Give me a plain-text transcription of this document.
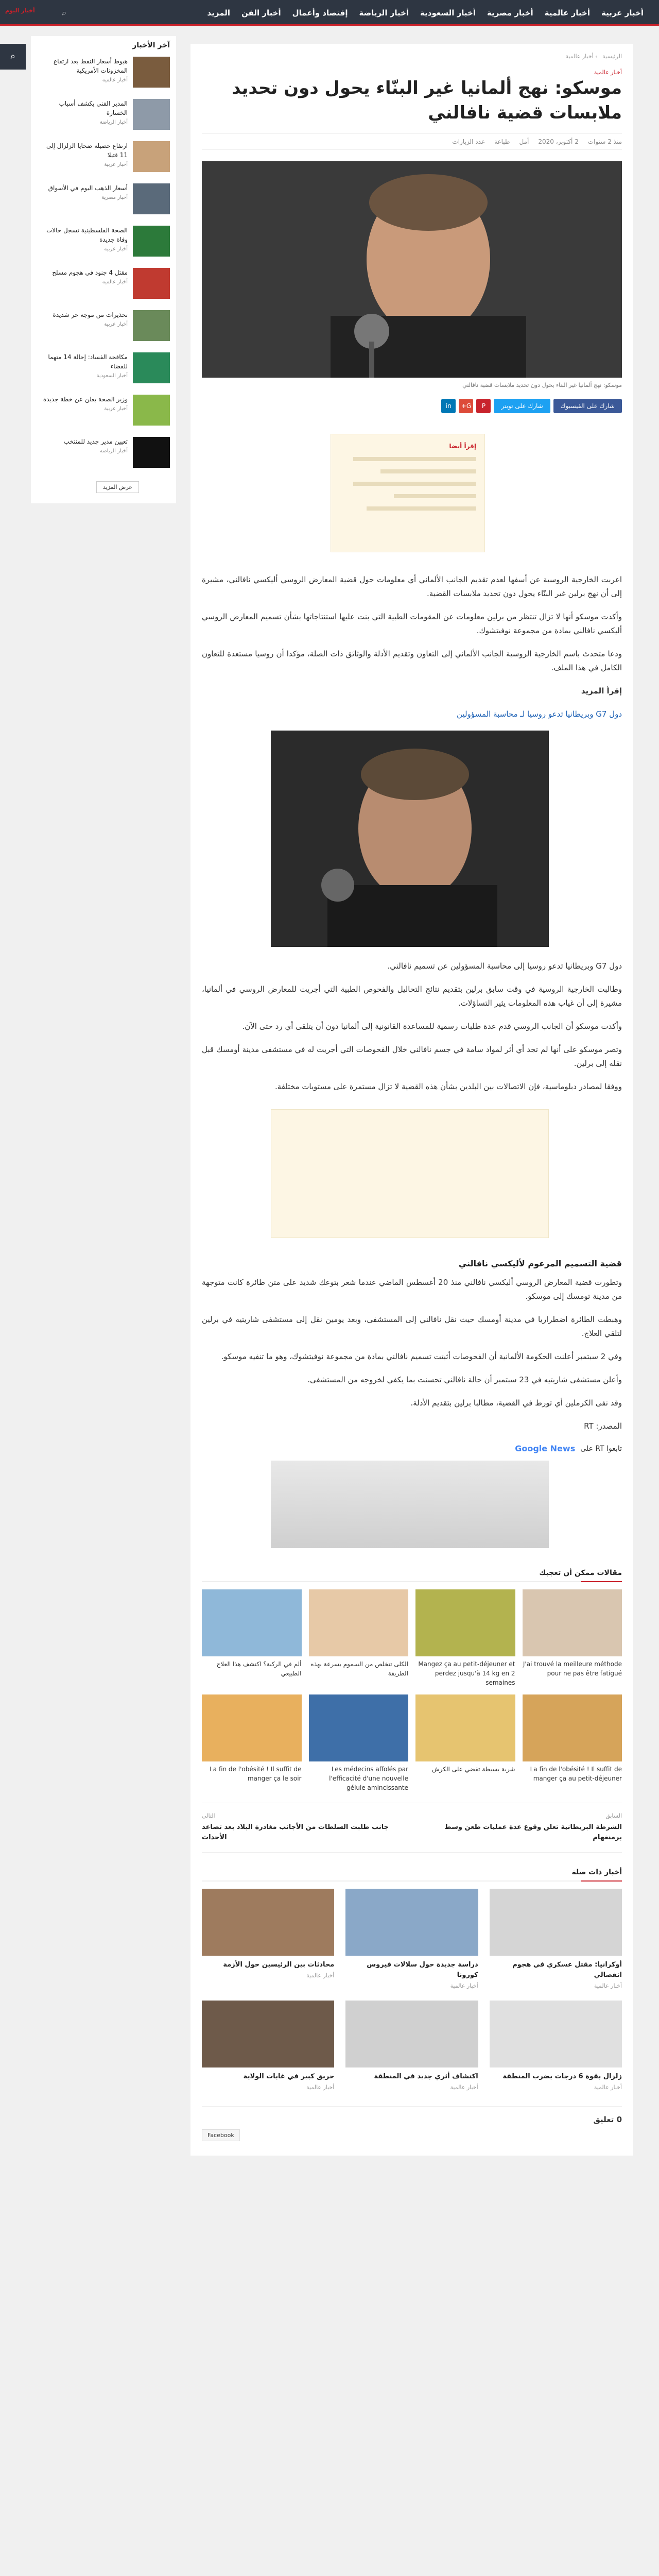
أخبار اليوم	⌕	أخبار عربية
أخبار عالمية
أخبار مصرية
أخبار السعودية
أخبار الرياضة
إقتصاد وأعمال
أخبار الفن
المزيد
⌕
آخر الأخبار
هبوط أسعار النفط بعد ارتفاع المخزونات الأمريكية
أخبار عالمية
المدير الفني يكشف أسباب الخسارة
أخبار الرياضة
ارتفاع حصيلة ضحايا الزلزال إلى 11 قتيلا
أخبار عربية
أسعار الذهب اليوم في الأسواق
أخبار مصرية
الصحة الفلسطينية تسجل حالات وفاة جديدة
أخبار عربية
مقتل 4 جنود في هجوم مسلح
أخبار عالمية
تحذيرات من موجة حر شديدة
أخبار عربية
مكافحة الفساد: إحالة 14 متهما للقضاء
أخبار السعودية
وزير الصحة يعلن عن خطة جديدة
أخبار عربية
تعيين مدير جديد للمنتخب
أخبار الرياضة
عرض المزيد
الرئيسية › أخبار عالمية
أخبار عالمية
موسكو: نهج ألمانيا غير البنّاء يحول دون تحديد ملابسات قضية نافالني
منذ 2 سنوات
2 أكتوبر، 2020
أمل
طباعة
عدد الزيارات
موسكو: نهج ألمانيا غير البناء يحول دون تحديد ملابسات قضية نافالني
شارك على الفيسبوك
شارك على تويتر
P
G+
in
إقرأ أيضا

اعربت الخارجية الروسية عن أسفها لعدم تقديم الجانب الألماني أي معلومات حول قضية المعارض الروسي أليكسي نافالني، مشيرة إلى أن نهج برلين غير البنّاء يحول دون تحديد ملابسات القضية.

وأكدت موسكو أنها لا تزال تنتظر من برلين معلومات عن المقومات الطبية التي بنت عليها استنتاجاتها بشأن تسميم المعارض الروسي أليكسي نافالني بمادة من مجموعة نوفيتشوك.

ودعا متحدث باسم الخارجية الروسية الجانب الألماني إلى التعاون وتقديم الأدلة والوثائق ذات الصلة، مؤكدا أن روسيا مستعدة للتعاون الكامل في هذا الملف.

إقرأ المزيد

دول G7 وبريطانيا تدعو روسيا لـ محاسبة المسؤولين

دول G7 وبريطانيا تدعو روسيا إلى محاسبة المسؤولين عن تسميم نافالني.

وطالبت الخارجية الروسية في وقت سابق برلين بتقديم نتائج التحاليل والفحوص الطبية التي أجريت للمعارض الروسي في ألمانيا، مشيرة إلى أن غياب هذه المعلومات يثير التساؤلات.

وأكدت موسكو أن الجانب الروسي قدم عدة طلبات رسمية للمساعدة القانونية إلى ألمانيا دون أن يتلقى أي رد حتى الآن.

وتصر موسكو على أنها لم تجد أي أثر لمواد سامة في جسم نافالني خلال الفحوصات التي أجريت له في مستشفى مدينة أومسك قبل نقله إلى برلين.

ووفقا لمصادر دبلوماسية، فإن الاتصالات بين البلدين بشأن هذه القضية لا تزال مستمرة على مستويات مختلفة.

قضية التسميم المزعوم لأليكسي نافالني

وتطورت قضية المعارض الروسي أليكسي نافالني منذ 20 أغسطس الماضي عندما شعر بتوعك شديد على متن طائرة كانت متوجهة من مدينة تومسك إلى موسكو.

وهبطت الطائرة اضطراريا في مدينة أومسك حيث نقل نافالني إلى المستشفى، وبعد يومين نقل إلى مستشفى شاريتيه في برلين لتلقي العلاج.

وفي 2 سبتمبر أعلنت الحكومة الألمانية أن الفحوصات أثبتت تسميم نافالني بمادة من مجموعة نوفيتشوك، وهو ما تنفيه موسكو.

وأعلن مستشفى شاريتيه في 23 سبتمبر أن حالة نافالني تحسنت بما يكفي لخروجه من المستشفى.

وقد نفى الكرملين أي تورط في القضية، مطالبا برلين بتقديم الأدلة.

المصدر: RT

تابعوا RT على
Google News
مقالات ممكن أن تعجبك
J'ai trouvé la meilleure méthode pour ne pas être fatigué
Mangez ça au petit-déjeuner et perdez jusqu'à 14 kg en 2 semaines
الكلى تتخلص من السموم بسرعة بهذه الطريقة
ألم في الركبة؟ اكتشف هذا العلاج الطبيعي
La fin de l'obésité ! Il suffit de manger ça au petit-déjeuner
شربة بسيطة تقضي على الكرش
Les médecins affolés par l'efficacité d'une nouvelle gélule amincissante
La fin de l'obésité ! Il suffit de manger ça le soir
السابق
الشرطة البريطانية تعلن وقوع عدة عمليات طعن وسط برمنغهام
التالي
جانب طلبت السلطات من الأجانب مغادرة البلاد بعد تصاعد الأحداث
أخبار ذات صلة
أوكرانيا: مقتل عسكري في هجوم انفصالي
أخبار عالمية
دراسة جديدة حول سلالات فيروس كورونا
أخبار عالمية
محادثات بين الرئيسين حول الأزمة
أخبار عالمية
زلزال بقوة 6 درجات يضرب المنطقة
أخبار عالمية
اكتشاف أثري جديد في المنطقة
أخبار عالمية
حريق كبير في غابات الولاية
أخبار عالمية
0 تعليق
Facebook
